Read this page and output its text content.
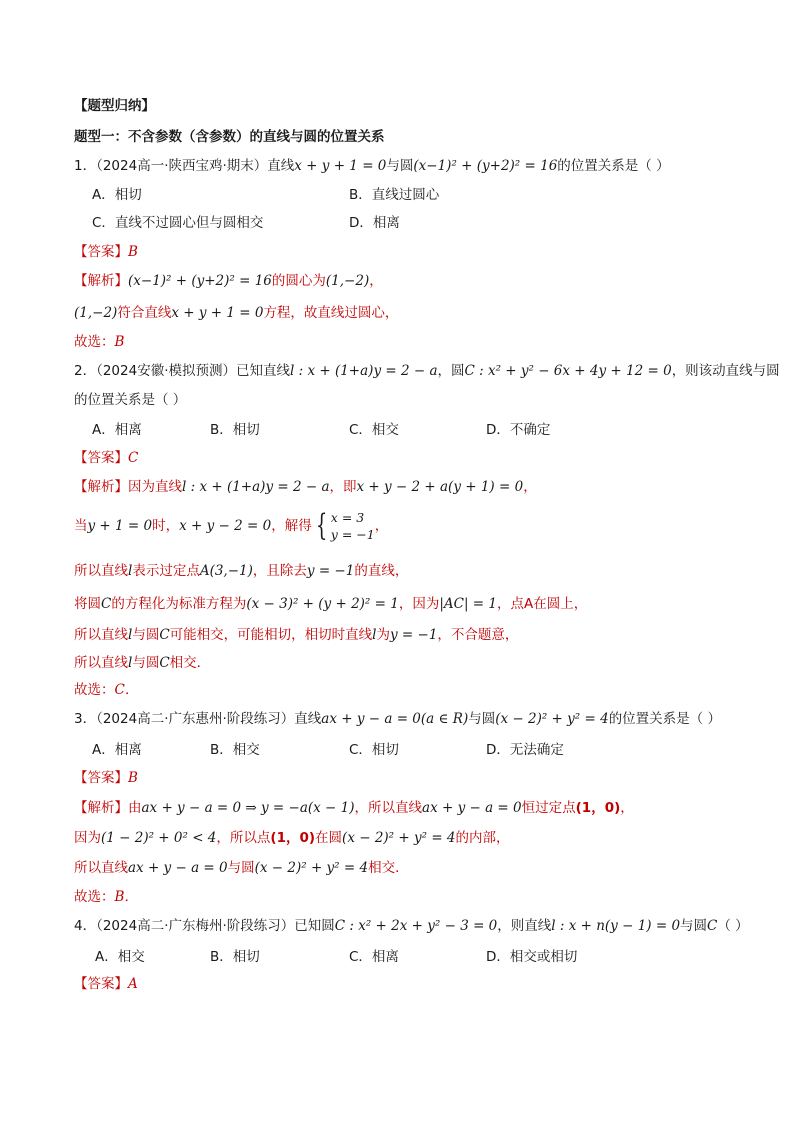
【题型归纳】
题型一：不含参数（含参数）的直线与圆的位置关系
1．（2024高一·陕西宝鸡·期末）直线x + y + 1 = 0与圆(x−1)² + (y+2)² = 16的位置关系是（ ）
A．相切	B．直线过圆心
C．直线不过圆心但与圆相交	D．相离
【答案】B
【解析】(x−1)² + (y+2)² = 16的圆心为(1,−2)，
(1,−2)符合直线x + y + 1 = 0方程，故直线过圆心，
故选：B
2．（2024安徽·模拟预测）已知直线l : x + (1+a)y = 2 − a，圆C : x² + y² − 6x + 4y + 12 = 0，则该动直线与圆
的位置关系是（ ）
A．相离	B．相切	C．相交	D．不确定
【答案】C
【解析】因为直线l : x + (1+a)y = 2 − a，即x + y − 2 + a(y + 1) = 0，
当y + 1 = 0时，x + y − 2 = 0，解得 { x = 3
y = −1，
所以直线l表示过定点A(3,−1)，且除去y = −1的直线，
将圆C的方程化为标准方程为(x − 3)² + (y + 2)² = 1，因为|AC| = 1，点A在圆上，
所以直线l与圆C可能相交，可能相切，相切时直线l为y = −1，不合题意，
所以直线l与圆C相交．
故选：C．
3．（2024高二·广东惠州·阶段练习）直线ax + y − a = 0(a ∈ R)与圆(x − 2)² + y² = 4的位置关系是（ ）
A．相离	B．相交	C．相切	D．无法确定
【答案】B
【解析】由ax + y − a = 0 ⇒ y = −a(x − 1)，所以直线ax + y − a = 0恒过定点(1，0)，
因为(1 − 2)² + 0² < 4，所以点(1，0)在圆(x − 2)² + y² = 4的内部，
所以直线ax + y − a = 0与圆(x − 2)² + y² = 4相交．
故选：B．
4．（2024高二·广东梅州·阶段练习）已知圆C : x² + 2x + y² − 3 = 0，则直线l : x + n(y − 1) = 0与圆C（ ）
A．相交	B．相切	C．相离	D．相交或相切
【答案】A
